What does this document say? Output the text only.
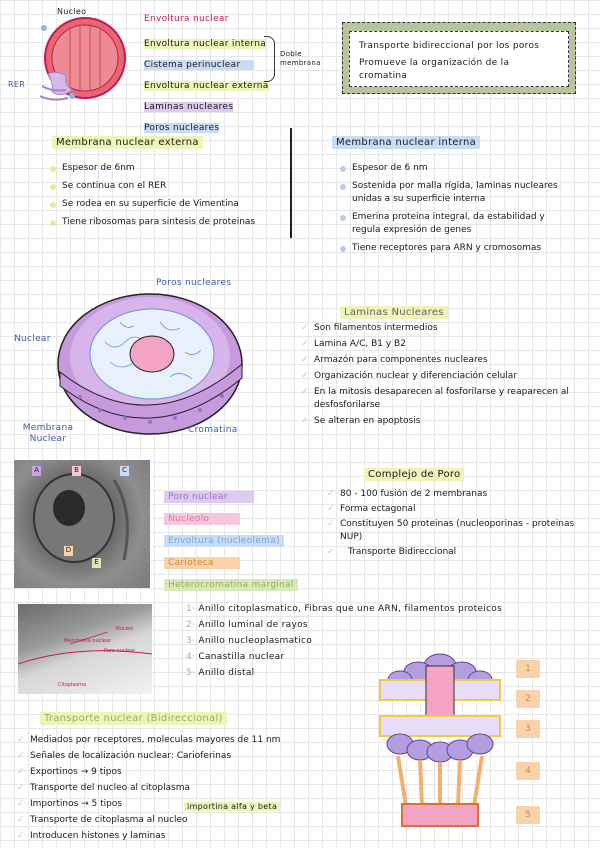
Nucleo
RER
Envoltura nuclear
Envoltura nuclear interna
Cistema perinuclear
Envoltura nuclear externa
Laminas nucleares
Poros nucleares
Doble membrana
Transporte bidireccional por los poros
Promueve la organización de la cromatina
Membrana nuclear externa
Espesor de 6nm
Se continua con el RER
Se rodea en su superficie de Vimentina
Tiene ribosomas para sintesis de proteinas
Membrana nuclear interna
Espesor de 6 nm
Sostenida por malla rígida, laminas nucleares unidas a su superficie interna
Emerina proteina integral, da estabilidad y regula expresión de genes
Tiene receptores para ARN y cromosomas
Poros nucleares
Nuclear
Membrana Nuclear
Cromatina
Laminas Nucleares
✓ Son filamentos intermedios
✓ Lamina A/C, B1 y B2
✓ Armazón para componentes nucleares
✓ Organización nuclear y diferenciación celular
✓ En la mitosis desaparecen al fosforilarse y reaparecen al desfosforilarse
✓ Se alteran en apoptosis
A	B	C
D
E
Poro nuclear
Nucleolo
Envoltura (nucleolema)
Carioteca
Heterocromatina marginal
Complejo de Poro
✓ 80 - 100 fusión de 2 membranas
✓ Forma ectagonal
✓ Constituyen 50 proteinas (nucleoporinas - proteinas NUP)
✓ Transporte Bidireccional
Núcleo
Membrana nuclear
Poro nuclear
Citoplasma
1· Anillo citoplasmatico, Fibras que une ARN, filamentos proteicos
2· Anillo luminal de rayos
3· Anillo nucleoplasmatico
4· Canastilla nuclear
5· Anillo distal	1
2
3
4
5
Transporte nuclear (Bidireccional)
✓ Mediados por receptores, moleculas mayores de 11 nm
✓ Señales de localización nuclear: Carioferinas
✓ Exportinos → 9 tipos
✓ Transporte del nucleo al citoplasma
✓ Importinos → 5 tipos
✓ Transporte de citoplasma al nucleo
✓ Introducen histones y laminas
importina alfa y beta
